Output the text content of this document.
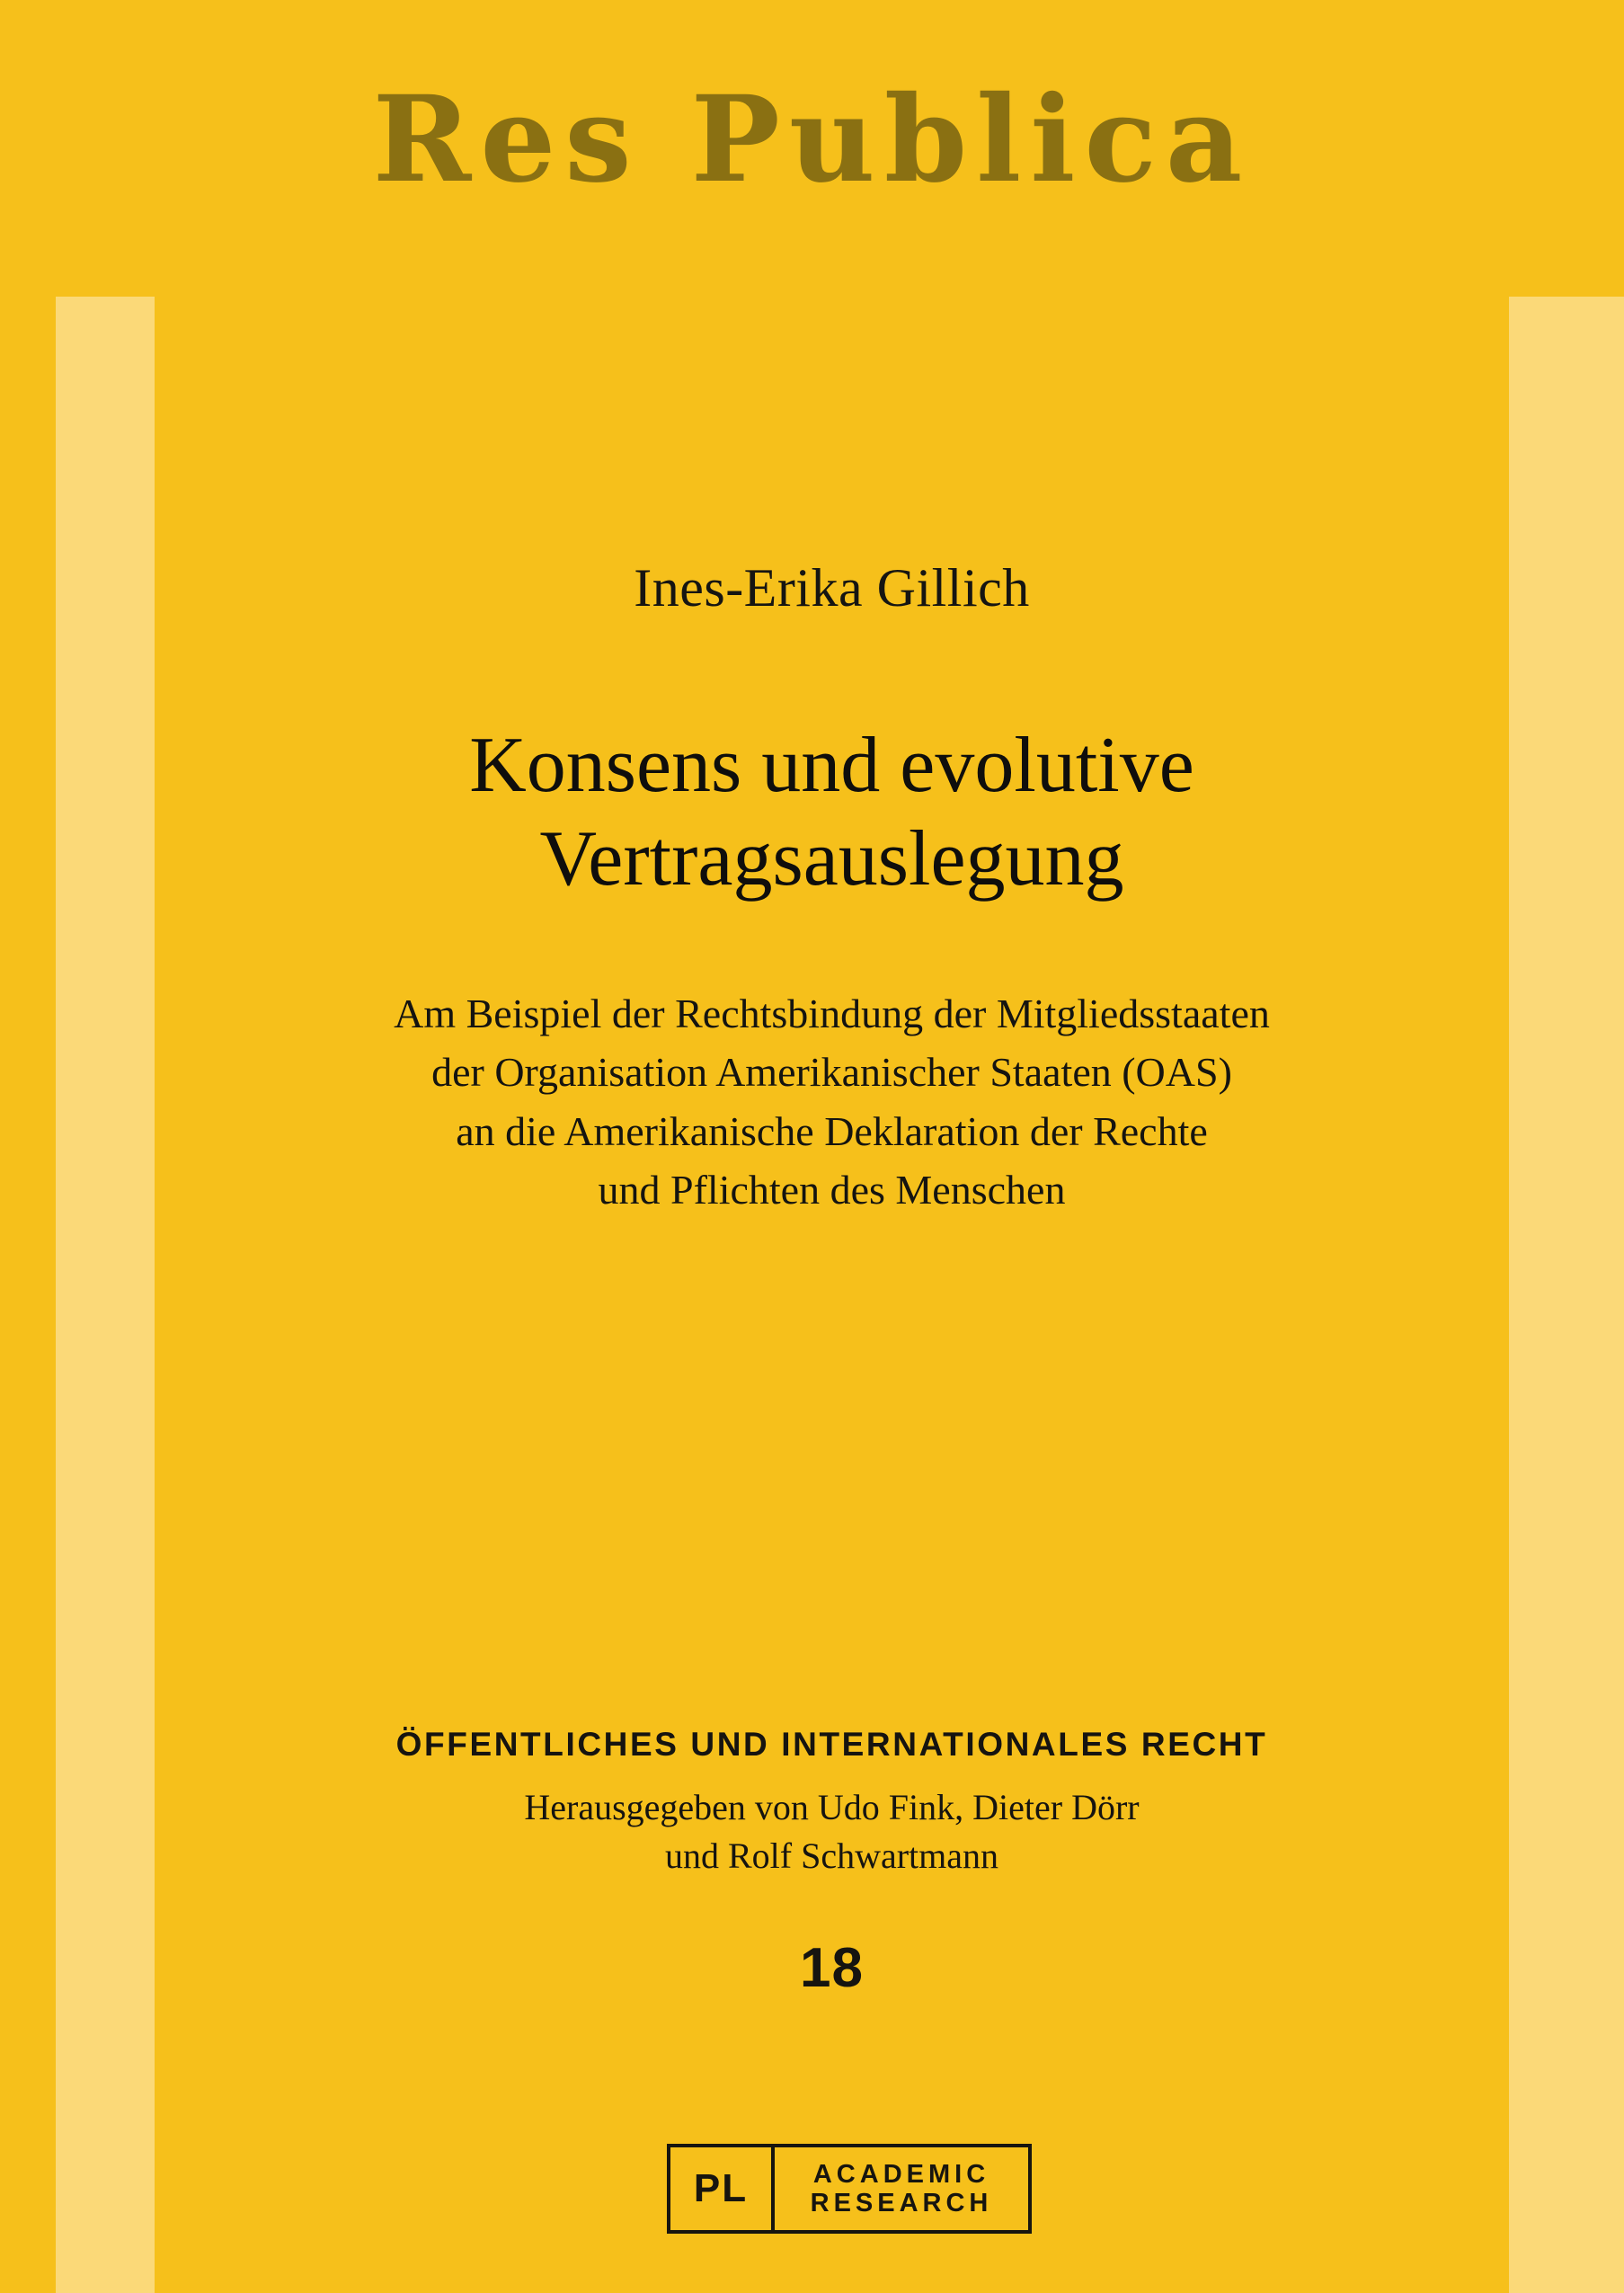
Res Publica
Ines-Erika Gillich
Konsens und evolutive
Vertragsauslegung
Am Beispiel der Rechtsbindung der Mitgliedsstaaten
der Organisation Amerikanischer Staaten (OAS)
an die Amerikanische Deklaration der Rechte
und Pflichten des Menschen
ÖFFENTLICHES UND INTERNATIONALES RECHT
Herausgegeben von Udo Fink, Dieter Dörr
und Rolf Schwartmann
18
PL	ACADEMIC
RESEARCH
